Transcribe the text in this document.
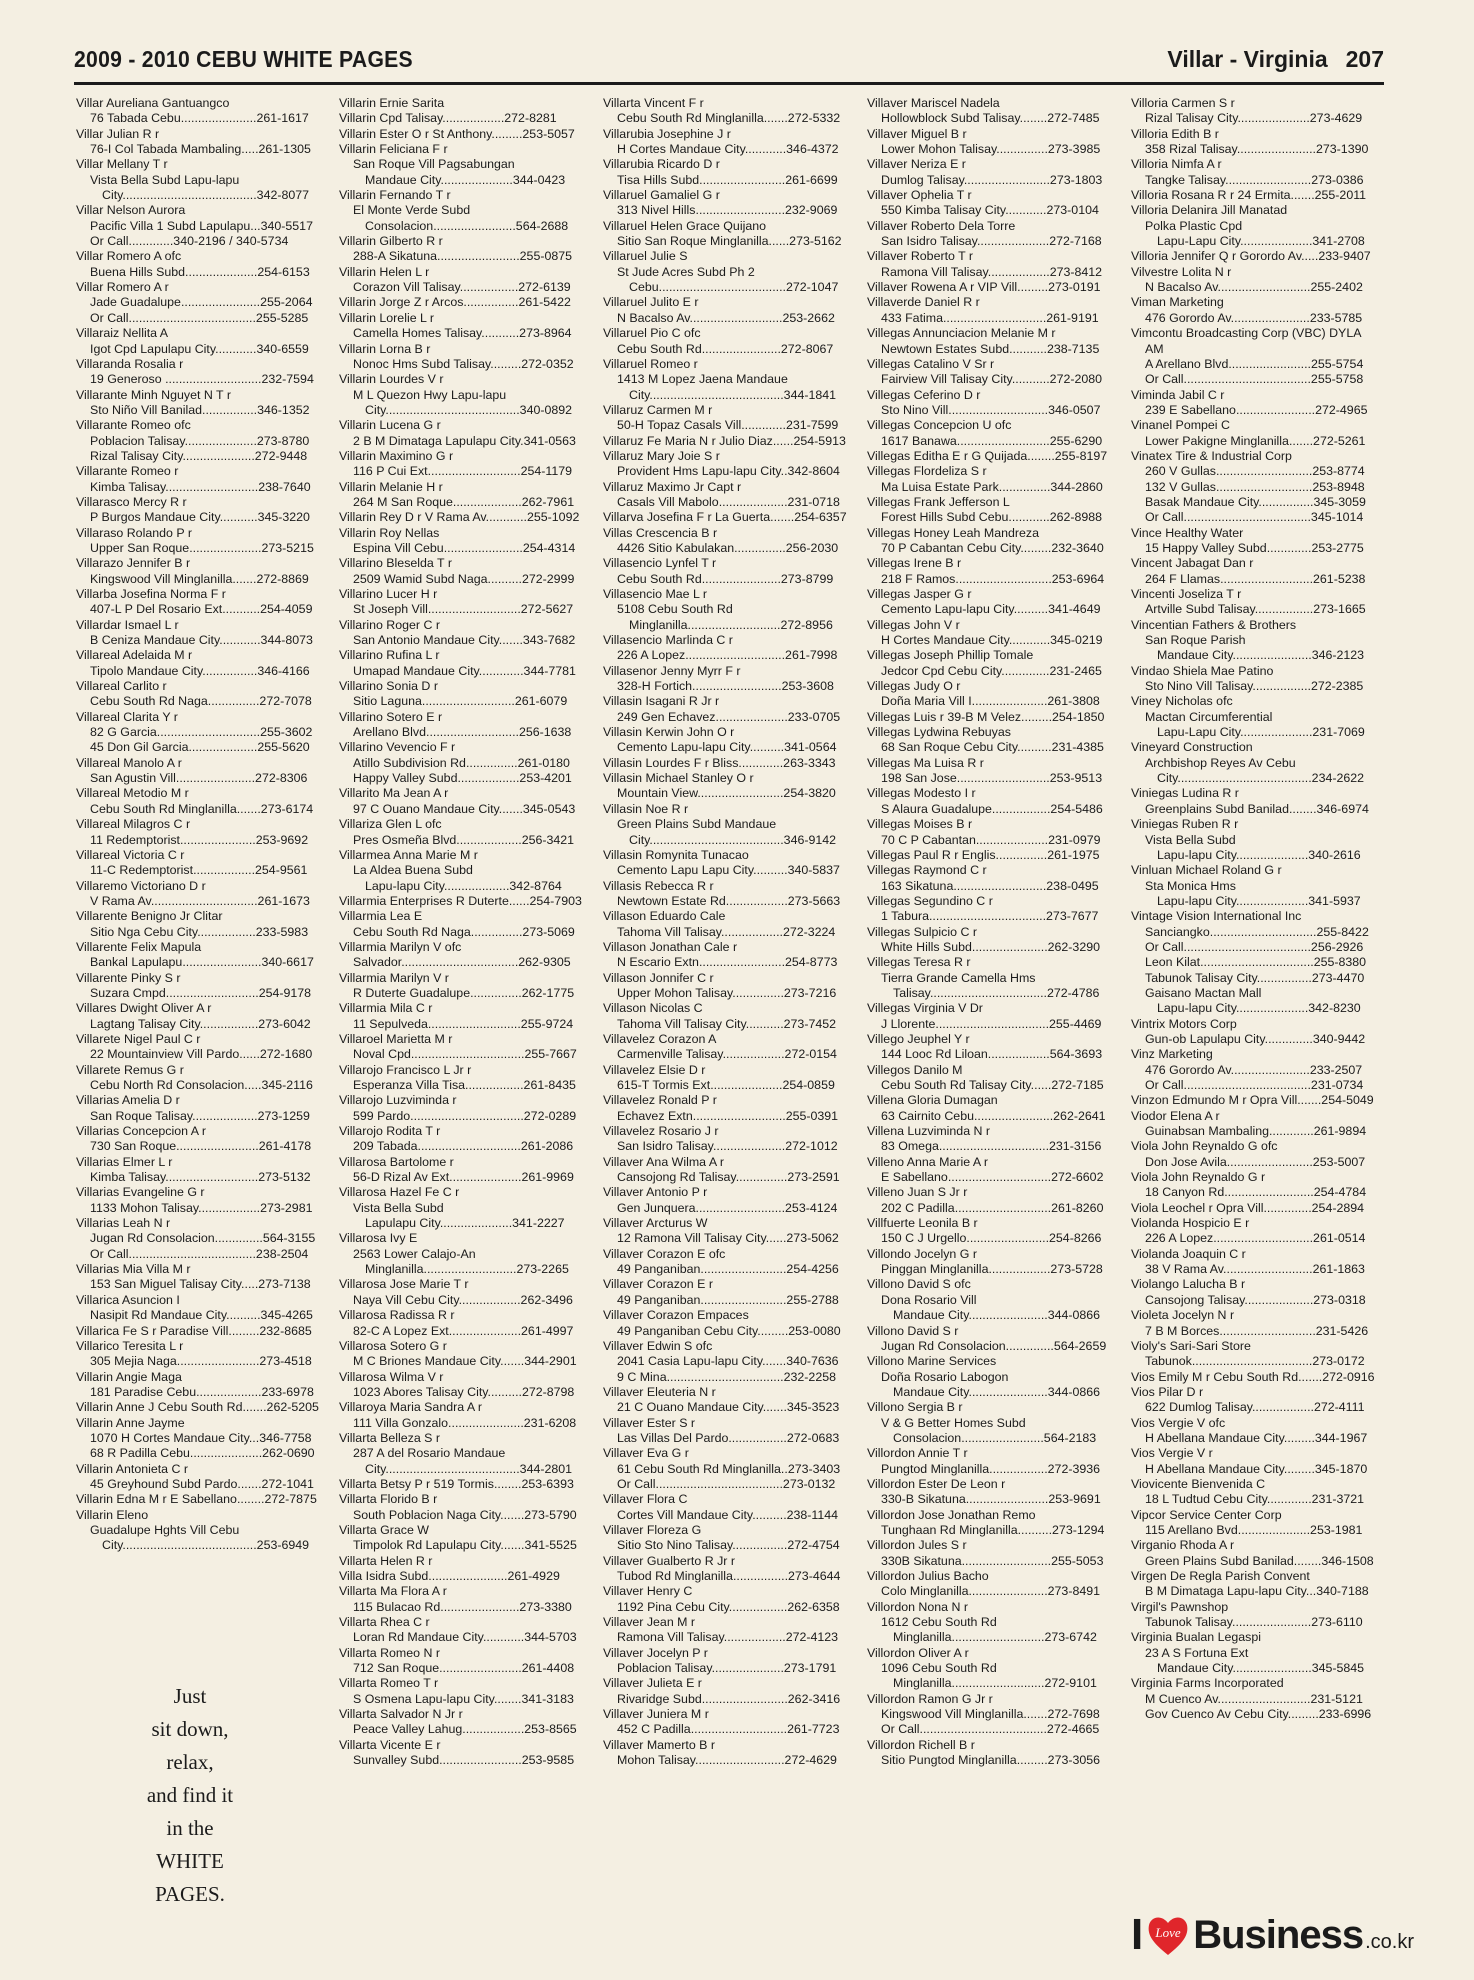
2009 - 2010 CEBU WHITE PAGES	Villar - Virginia 207
Villar Aureliana Gantuangco
76 Tabada Cebu......................261-1617
Villar Julian R r
76-I Col Tabada Mambaling.....261-1305
Villar Mellany T r
Vista Bella Subd Lapu-lapu
City.......................................342-8077
Villar Nelson Aurora
Pacific Villa 1 Subd Lapulapu...340-5517
Or Call.............340-2196 / 340-5734
Villar Romero A ofc
Buena Hills Subd.....................254-6153
Villar Romero A r
Jade Guadalupe.......................255-2064
Or Call.....................................255-5285
Villaraiz Nellita A
Igot Cpd Lapulapu City............340-6559
Villaranda Rosalia r
19 Generoso ............................232-7594
Villarante Minh Nguyet N T r
Sto Niño Vill Banilad................346-1352
Villarante Romeo ofc
Poblacion Talisay.....................273-8780
Rizal Talisay City.....................272-9448
Villarante Romeo r
Kimba Talisay...........................238-7640
Villarasco Mercy R r
P Burgos Mandaue City...........345-3220
Villaraso Rolando P r
Upper San Roque.....................273-5215
Villarazo Jennifer B r
Kingswood Vill Minglanilla.......272-8869
Villarba Josefina Norma F r
407-L P Del Rosario Ext...........254-4059
Villardar Ismael L r
B Ceniza Mandaue City............344-8073
Villareal Adelaida M r
Tipolo Mandaue City................346-4166
Villareal Carlito r
Cebu South Rd Naga...............272-7078
Villareal Clarita Y r
82 G Garcia..............................255-3602
45 Don Gil Garcia....................255-5620
Villareal Manolo A r
San Agustin Vill.......................272-8306
Villareal Metodio M r
Cebu South Rd Minglanilla.......273-6174
Villareal Milagros C r
11 Redemptorist......................253-9692
Villareal Victoria C r
11-C Redemptorist..................254-9561
Villaremo Victoriano D r
V Rama Av...............................261-1673
Villarente Benigno Jr Clitar
Sitio Nga Cebu City.................233-5983
Villarente Felix Mapula
Bankal Lapulapu.......................340-6617
Villarente Pinky S r
Suzara Cmpd...........................254-9178
Villares Dwight Oliver A r
Lagtang Talisay City.................273-6042
Villarete Nigel Paul C r
22 Mountainview Vill Pardo......272-1680
Villarete Remus G r
Cebu North Rd Consolacion.....345-2116
Villarias Amelia D r
San Roque Talisay...................273-1259
Villarias Concepcion A r
730 San Roque........................261-4178
Villarias Elmer L r
Kimba Talisay...........................273-5132
Villarias Evangeline G r
1133 Mohon Talisay..................273-2981
Villarias Leah N r
Jugan Rd Consolacion..............564-3155
Or Call.....................................238-2504
Villarias Mia Villa M r
153 San Miguel Talisay City.....273-7138
Villarica Asuncion I
Nasipit Rd Mandaue City..........345-4265
Villarica Fe S r Paradise Vill.........232-8685
Villarico Teresita L r
305 Mejia Naga........................273-4518
Villarin Angie Maga
181 Paradise Cebu...................233-6978
Villarin Anne J Cebu South Rd.......262-5205
Villarin Anne Jayme
1070 H Cortes Mandaue City...346-7758
68 R Padilla Cebu.....................262-0690
Villarin Antonieta C r
45 Greyhound Subd Pardo.......272-1041
Villarin Edna M r E Sabellano........272-7875
Villarin Eleno
Guadalupe Hghts Vill Cebu
City.......................................253-6949
Villarin Ernie Sarita
Villarin Cpd Talisay..................272-8281
Villarin Ester O r St Anthony.........253-5057
Villarin Feliciana F r
San Roque Vill Pagsabungan
Mandaue City.....................344-0423
Villarin Fernando T r
El Monte Verde Subd
Consolacion........................564-2688
Villarin Gilberto R r
288-A Sikatuna........................255-0875
Villarin Helen L r
Corazon Vill Talisay.................272-6139
Villarin Jorge Z r Arcos................261-5422
Villarin Lorelie L r
Camella Homes Talisay...........273-8964
Villarin Lorna B r
Nonoc Hms Subd Talisay.........272-0352
Villarin Lourdes V r
M L Quezon Hwy Lapu-lapu
City.......................................340-0892
Villarin Lucena G r
2 B M Dimataga Lapulapu City.341-0563
Villarin Maximino G r
116 P Cui Ext...........................254-1179
Villarin Melanie H r
264 M San Roque....................262-7961
Villarin Rey D r V Rama Av............255-1092
Villarin Roy Nellas
Espina Vill Cebu.......................254-4314
Villarino Bleselda T r
2509 Wamid Subd Naga..........272-2999
Villarino Lucer H r
St Joseph Vill...........................272-5627
Villarino Roger C r
San Antonio Mandaue City.......343-7682
Villarino Rufina L r
Umapad Mandaue City.............344-7781
Villarino Sonia D r
Sitio Laguna...........................261-6079
Villarino Sotero E r
Arellano Blvd...........................256-1638
Villarino Vevencio F r
Atillo Subdivision Rd...............261-0180
Happy Valley Subd..................253-4201
Villarito Ma Jean A r
97 C Ouano Mandaue City.......345-0543
Villariza Glen L ofc
Pres Osmeña Blvd...................256-3421
Villarmea Anna Marie M r
La Aldea Buena Subd
Lapu-lapu City...................342-8764
Villarmia Enterprises R Duterte......254-7903
Villarmia Lea E
Cebu South Rd Naga...............273-5069
Villarmia Marilyn V ofc
Salvador..................................262-9305
Villarmia Marilyn V r
R Duterte Guadalupe...............262-1775
Villarmia Mila C r
11 Sepulveda...........................255-9724
Villaroel Marietta M r
Noval Cpd.................................255-7667
Villarojo Francisco L Jr r
Esperanza Villa Tisa.................261-8435
Villarojo Luzviminda r
599 Pardo.................................272-0289
Villarojo Rodita T r
209 Tabada..............................261-2086
Villarosa Bartolome r
56-D Rizal Av Ext.....................261-9969
Villarosa Hazel Fe C r
Vista Bella Subd
Lapulapu City.....................341-2227
Villarosa Ivy E
2563 Lower Calajo-An
Minglanilla...........................273-2265
Villarosa Jose Marie T r
Naya Vill Cebu City..................262-3496
Villarosa Radissa R r
82-C A Lopez Ext.....................261-4997
Villarosa Sotero G r
M C Briones Mandaue City.......344-2901
Villarosa Wilma V r
1023 Abores Talisay City..........272-8798
Villaroya Maria Sandra A r
111 Villa Gonzalo......................231-6208
Villarta Belleza S r
287 A del Rosario Mandaue
City.......................................344-2801
Villarta Betsy P r 519 Tormis........253-6393
Villarta Florido B r
South Poblacion Naga City.......273-5790
Villarta Grace W
Timpolok Rd Lapulapu City.......341-5525
Villarta Helen R r
Villa Isidra Subd.......................261-4929
Villarta Ma Flora A r
115 Bulacao Rd.......................273-3380
Villarta Rhea C r
Loran Rd Mandaue City............344-5703
Villarta Romeo N r
712 San Roque........................261-4408
Villarta Romeo T r
S Osmena Lapu-lapu City........341-3183
Villarta Salvador N Jr r
Peace Valley Lahug..................253-8565
Villarta Vicente E r
Sunvalley Subd........................253-9585
Villarta Vincent F r
Cebu South Rd Minglanilla.......272-5332
Villarubia Josephine J r
H Cortes Mandaue City............346-4372
Villarubia Ricardo D r
Tisa Hills Subd.........................261-6699
Villaruel Gamaliel G r
313 Nivel Hills..........................232-9069
Villaruel Helen Grace Quijano
Sitio San Roque Minglanilla......273-5162
Villaruel Julie S
St Jude Acres Subd Ph 2
Cebu.....................................272-1047
Villaruel Julito E r
N Bacalso Av...........................253-2662
Villaruel Pio C ofc
Cebu South Rd.......................272-8067
Villaruel Romeo r
1413 M Lopez Jaena Mandaue
City.......................................344-1841
Villaruz Carmen M r
50-H Topaz Casals Vill.............231-7599
Villaruz Fe Maria N r Julio Diaz......254-5913
Villaruz Mary Joie S r
Provident Hms Lapu-lapu City..342-8604
Villaruz Maximo Jr Capt r
Casals Vill Mabolo....................231-0718
Villarva Josefina F r La Guerta.......254-6357
Villas Crescencia B r
4426 Sitio Kabulakan...............256-2030
Villasencio Lynfel T r
Cebu South Rd.......................273-8799
Villasencio Mae L r
5108 Cebu South Rd
Minglanilla...........................272-8956
Villasencio Marlinda C r
226 A Lopez.............................261-7998
Villasenor Jenny Myrr F r
328-H Fortich..........................253-3608
Villasin Isagani R Jr r
249 Gen Echavez.....................233-0705
Villasin Kerwin John O r
Cemento Lapu-lapu City..........341-0564
Villasin Lourdes F r Bliss.............263-3343
Villasin Michael Stanley O r
Mountain View.........................254-3820
Villasin Noe R r
Green Plains Subd Mandaue
City.......................................346-9142
Villasin Romynita Tunacao
Cemento Lapu Lapu City..........340-5837
Villasis Rebecca R r
Newtown Estate Rd..................273-5663
Villason Eduardo Cale
Tahoma Vill Talisay..................272-3224
Villason Jonathan Cale r
N Escario Extn.........................254-8773
Villason Jonnifer C r
Upper Mohon Talisay...............273-7216
Villason Nicolas C
Tahoma Vill Talisay City...........273-7452
Villavelez Corazon A
Carmenville Talisay..................272-0154
Villavelez Elsie D r
615-T Tormis Ext.....................254-0859
Villavelez Ronald P r
Echavez Extn...........................255-0391
Villavelez Rosario J r
San Isidro Talisay.....................272-1012
Villaver Ana Wilma A r
Cansojong Rd Talisay...............273-2591
Villaver Antonio P r
Gen Junquera..........................253-4124
Villaver Arcturus W
12 Ramona Vill Talisay City......273-5062
Villaver Corazon E ofc
49 Panganiban.........................254-4256
Villaver Corazon E r
49 Panganiban.........................255-2788
Villaver Corazon Empaces
49 Panganiban Cebu City.........253-0080
Villaver Edwin S ofc
2041 Casia Lapu-lapu City.......340-7636
9 C Mina..................................232-2258
Villaver Eleuteria N r
21 C Ouano Mandaue City.......345-3523
Villaver Ester S r
Las Villas Del Pardo.................272-0683
Villaver Eva G r
61 Cebu South Rd Minglanilla..273-3403
Or Call.....................................273-0132
Villaver Flora C
Cortes Vill Mandaue City..........238-1144
Villaver Floreza G
Sitio Sto Nino Talisay................272-4754
Villaver Gualberto R Jr r
Tubod Rd Minglanilla................273-4644
Villaver Henry C
1192 Pina Cebu City.................262-6358
Villaver Jean M r
Ramona Vill Talisay..................272-4123
Villaver Jocelyn P r
Poblacion Talisay.....................273-1791
Villaver Julieta E r
Rivaridge Subd.........................262-3416
Villaver Juniera M r
452 C Padilla............................261-7723
Villaver Mamerto B r
Mohon Talisay..........................272-4629
Villaver Mariscel Nadela
Hollowblock Subd Talisay........272-7485
Villaver Miguel B r
Lower Mohon Talisay...............273-3985
Villaver Neriza E r
Dumlog Talisay.........................273-1803
Villaver Ophelia T r
550 Kimba Talisay City............273-0104
Villaver Roberto Dela Torre
San Isidro Talisay.....................272-7168
Villaver Roberto T r
Ramona Vill Talisay..................273-8412
Villaver Rowena A r VIP Vill.........273-0191
Villaverde Daniel R r
433 Fatima..............................261-9191
Villegas Annunciacion Melanie M r
Newtown Estates Subd...........238-7135
Villegas Catalino V Sr r
Fairview Vill Talisay City...........272-2080
Villegas Ceferino D r
Sto Nino Vill.............................346-0507
Villegas Concepcion U ofc
1617 Banawa...........................255-6290
Villegas Editha E r G Quijada........255-8197
Villegas Flordeliza S r
Ma Luisa Estate Park...............344-2860
Villegas Frank Jefferson L
Forest Hills Subd Cebu............262-8988
Villegas Honey Leah Mandreza
70 P Cabantan Cebu City.........232-3640
Villegas Irene B r
218 F Ramos............................253-6964
Villegas Jasper G r
Cemento Lapu-lapu City..........341-4649
Villegas John V r
H Cortes Mandaue City............345-0219
Villegas Joseph Phillip Tomale
Jedcor Cpd Cebu City..............231-2465
Villegas Judy O r
Doña Maria Vill I......................261-3808
Villegas Luis r 39-B M Velez.........254-1850
Villegas Lydwina Rebuyas
68 San Roque Cebu City..........231-4385
Villegas Ma Luisa R r
198 San Jose...........................253-9513
Villegas Modesto I r
S Alaura Guadalupe.................254-5486
Villegas Moises B r
70 C P Cabantan.....................231-0979
Villegas Paul R r Englis...............261-1975
Villegas Raymond C r
163 Sikatuna...........................238-0495
Villegas Segundino C r
1 Tabura..................................273-7677
Villegas Sulpicio C r
White Hills Subd......................262-3290
Villegas Teresa R r
Tierra Grande Camella Hms
Talisay..................................272-4786
Villegas Virginia V Dr
J Llorente.................................255-4469
Villego Jeuphel Y r
144 Looc Rd Liloan..................564-3693
Villegos Danilo M
Cebu South Rd Talisay City......272-7185
Villena Gloria Dumagan
63 Cairnito Cebu.......................262-2641
Villena Luzviminda N r
83 Omega................................231-3156
Villeno Anna Marie A r
E Sabellano..............................272-6602
Villeno Juan S Jr r
202 C Padilla............................261-8260
Villfuerte Leonila B r
150 C J Urgello........................254-8266
Villondo Jocelyn G r
Pinggan Minglanilla..................273-5728
Villono David S ofc
Dona Rosario Vill
Mandaue City.......................344-0866
Villono David S r
Jugan Rd Consolacion..............564-2659
Villono Marine Services
Doña Rosario Labogon
Mandaue City.......................344-0866
Villono Sergia B r
V & G Better Homes Subd
Consolacion........................564-2183
Villordon Annie T r
Pungtod Minglanilla.................272-3936
Villordon Ester De Leon r
330-B Sikatuna........................253-9691
Villordon Jose Jonathan Remo
Tunghaan Rd Minglanilla..........273-1294
Villordon Jules S r
330B Sikatuna..........................255-5053
Villordon Julius Bacho
Colo Minglanilla.......................273-8491
Villordon Nona N r
1612 Cebu South Rd
Minglanilla...........................273-6742
Villordon Oliver A r
1096 Cebu South Rd
Minglanilla...........................272-9101
Villordon Ramon G Jr r
Kingswood Vill Minglanilla.......272-7698
Or Call.....................................272-4665
Villordon Richell B r
Sitio Pungtod Minglanilla.........273-3056
Villoria Carmen S r
Rizal Talisay City.....................273-4629
Villoria Edith B r
358 Rizal Talisay.......................273-1390
Villoria Nimfa A r
Tangke Talisay.........................273-0386
Villoria Rosana R r 24 Ermita.......255-2011
Villoria Delanira Jill Manatad
Polka Plastic Cpd
Lapu-Lapu City.....................341-2708
Villoria Jennifer Q r Gorordo Av.....233-9407
Vilvestre Lolita N r
N Bacalso Av...........................255-2402
Viman Marketing
476 Gorordo Av.......................233-5785
Vimcontu Broadcasting Corp (VBC) DYLA
AM
A Arellano Blvd........................255-5754
Or Call.....................................255-5758
Viminda Jabil C r
239 E Sabellano.......................272-4965
Vinanel Pompei C
Lower Pakigne Minglanilla.......272-5261
Vinatex Tire & Industrial Corp
260 V Gullas............................253-8774
132 V Gullas............................253-8948
Basak Mandaue City................345-3059
Or Call.....................................345-1014
Vince Healthy Water
15 Happy Valley Subd.............253-2775
Vincent Jabagat Dan r
264 F Llamas...........................261-5238
Vincenti Joseliza T r
Artville Subd Talisay.................273-1665
Vincentian Fathers & Brothers
San Roque Parish
Mandaue City.......................346-2123
Vindao Shiela Mae Patino
Sto Nino Vill Talisay.................272-2385
Viney Nicholas ofc
Mactan Circumferential
Lapu-Lapu City.....................231-7069
Vineyard Construction
Archbishop Reyes Av Cebu
City.......................................234-2622
Viniegas Ludina R r
Greenplains Subd Banilad........346-6974
Viniegas Ruben R r
Vista Bella Subd
Lapu-lapu City.....................340-2616
Vinluan Michael Roland G r
Sta Monica Hms
Lapu-lapu City.....................341-5937
Vintage Vision International Inc
Sanciangko...............................255-8422
Or Call.....................................256-2926
Leon Kilat.................................255-8380
Tabunok Talisay City................273-4470
Gaisano Mactan Mall
Lapu-lapu City.....................342-8230
Vintrix Motors Corp
Gun-ob Lapulapu City..............340-9442
Vinz Marketing
476 Gorordo Av.......................233-2507
Or Call.....................................231-0734
Vinzon Edmundo M r Opra Vill.......254-5049
Viodor Elena A r
Guinabsan Mambaling.............261-9894
Viola John Reynaldo G ofc
Don Jose Avila.........................253-5007
Viola John Reynaldo G r
18 Canyon Rd..........................254-4784
Viola Leochel r Opra Vill..............254-2894
Violanda Hospicio E r
226 A Lopez.............................261-0514
Violanda Joaquin C r
38 V Rama Av..........................261-1863
Violango Lalucha B r
Cansojong Talisay....................273-0318
Violeta Jocelyn N r
7 B M Borces............................231-5426
Violy's Sari-Sari Store
Tabunok...................................273-0172
Vios Emily M r Cebu South Rd.......272-0916
Vios Pilar D r
622 Dumlog Talisay..................272-4111
Vios Vergie V ofc
H Abellana Mandaue City.........344-1967
Vios Vergie V r
H Abellana Mandaue City.........345-1870
Viovicente Bienvenida C
18 L Tudtud Cebu City.............231-3721
Vipcor Service Center Corp
115 Arellano Bvd.....................253-1981
Virganio Rhoda A r
Green Plains Subd Banilad........346-1508
Virgen De Regla Parish Convent
B M Dimataga Lapu-lapu City...340-7188
Virgil's Pawnshop
Tabunok Talisay.......................273-6110
Virginia Bualan Legaspi
23 A S Fortuna Ext
Mandaue City.......................345-5845
Virginia Farms Incorporated
M Cuenco Av...........................231-5121
Gov Cuenco Av Cebu City.........233-6996
Just
sit down,
relax,
and find it
in the
WHITE
PAGES.
I Love Business .co.kr
